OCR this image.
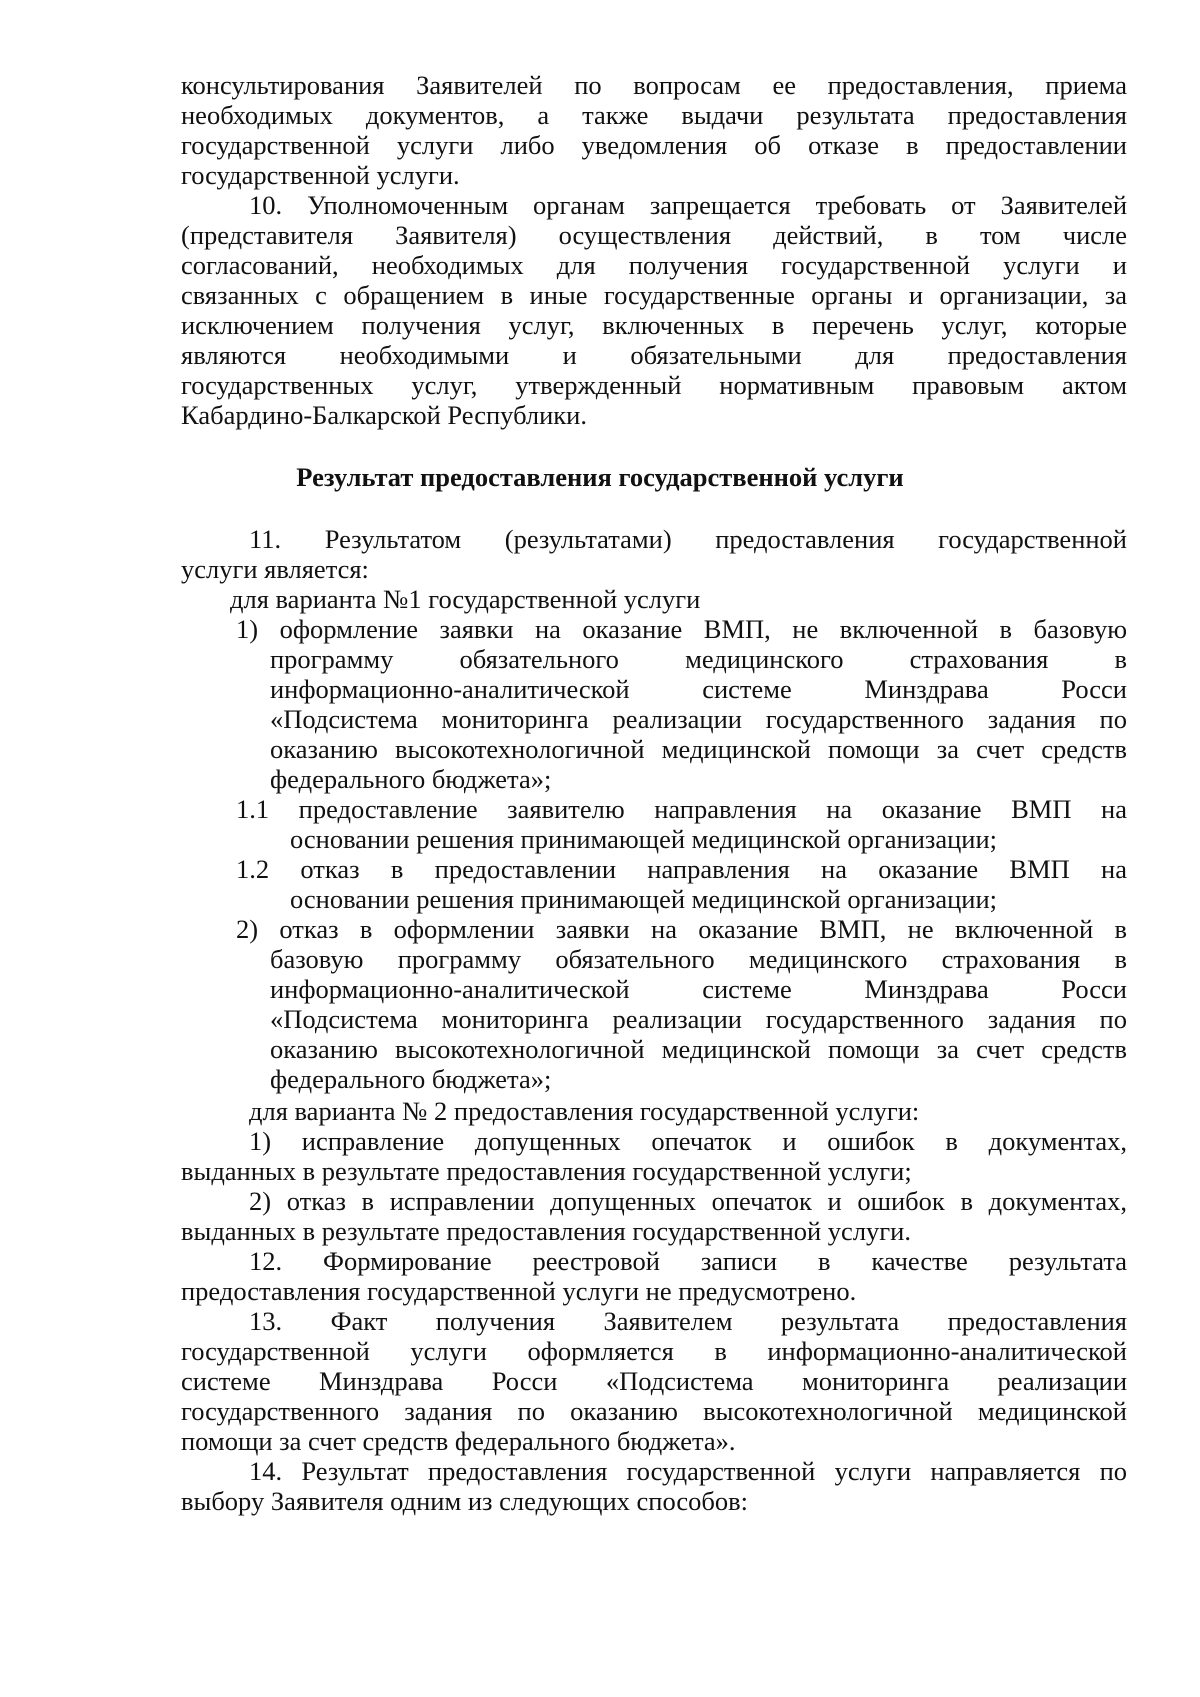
консультирования Заявителей по вопросам ее предоставления, приема
необходимых документов, а также выдачи результата предоставления
государственной услуги либо уведомления об отказе в предоставлении
государственной услуги.
10. Уполномоченным органам запрещается требовать от Заявителей
(представителя Заявителя) осуществления действий, в том числе
согласований, необходимых для получения государственной услуги и
связанных с обращением в иные государственные органы и организации, за
исключением получения услуг, включенных в перечень услуг, которые
являются необходимыми и обязательными для предоставления
государственных услуг, утвержденный нормативным правовым актом
Кабардино-Балкарской Республики.
Результат предоставления государственной услуги
11. Результатом (результатами) предоставления государственной
услуги является:
для варианта №1 государственной услуги
1) оформление заявки на оказание ВМП, не включенной в базовую
программу обязательного медицинского страхования в
информационно-аналитической системе Минздрава Росси
«Подсистема мониторинга реализации государственного задания по
оказанию высокотехнологичной медицинской помощи за счет средств
федерального бюджета»;
1.1 предоставление заявителю направления на оказание ВМП на
основании решения принимающей медицинской организации;
1.2 отказ в предоставлении направления на оказание ВМП на
основании решения принимающей медицинской организации;
2) отказ в оформлении заявки на оказание ВМП, не включенной в
базовую программу обязательного медицинского страхования в
информационно-аналитической системе Минздрава Росси
«Подсистема мониторинга реализации государственного задания по
оказанию высокотехнологичной медицинской помощи за счет средств
федерального бюджета»;
для варианта № 2 предоставления государственной услуги:
1) исправление допущенных опечаток и ошибок в документах,
выданных в результате предоставления государственной услуги;
2) отказ в исправлении допущенных опечаток и ошибок в документах,
выданных в результате предоставления государственной услуги.
12. Формирование реестровой записи в качестве результата
предоставления государственной услуги не предусмотрено.
13. Факт получения Заявителем результата предоставления
государственной услуги оформляется в информационно-аналитической
системе Минздрава Росси «Подсистема мониторинга реализации
государственного задания по оказанию высокотехнологичной медицинской
помощи за счет средств федерального бюджета».
14. Результат предоставления государственной услуги направляется по
выбору Заявителя одним из следующих способов:
